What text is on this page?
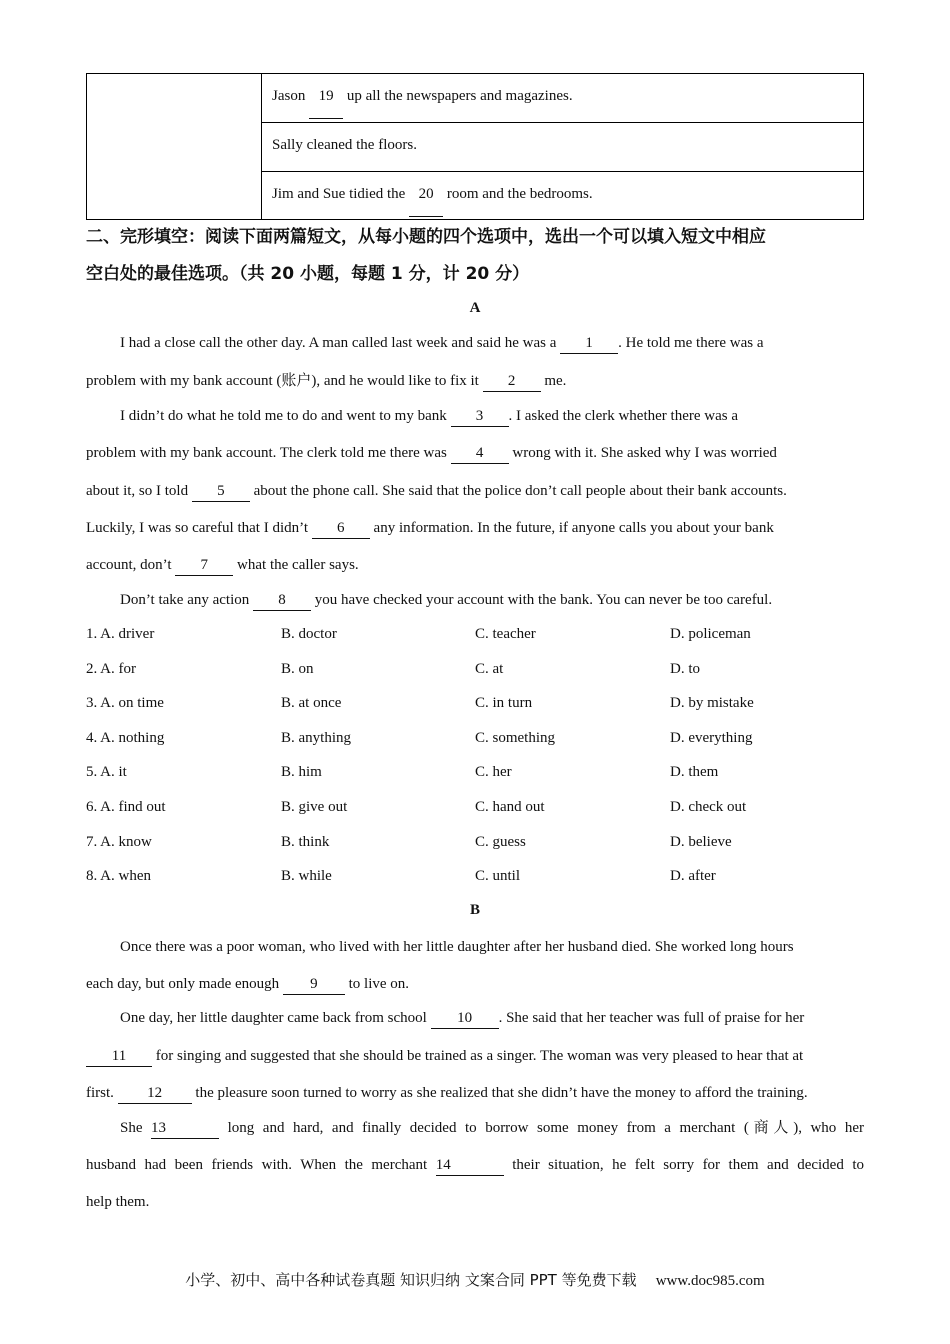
Jason 19 up all the newspapers and magazines.
Sally cleaned the floors.
Jim and Sue tidied the 20 room and the bedrooms.
二、完形填空：阅读下面两篇短文，从每小题的四个选项中，选出一个可以填入短文中相应
空白处的最佳选项。（共 20 小题，每题 1 分，计 20 分）
A
I had a close call the other day. A man called last week and said he was a 1 . He told me there was a
problem with my bank account (账户), and he would like to fix it 2 me.
I didn’t do what he told me to do and went to my bank 3 . I asked the clerk whether there was a
problem with my bank account. The clerk told me there was 4 wrong with it. She asked why I was worried
about it, so I told 5 about the phone call. She said that the police don’t call people about their bank accounts.
Luckily, I was so careful that I didn’t 6 any information. In the future, if anyone calls you about your bank
account, don’t 7 what the caller says.
Don’t take any action 8 you have checked your account with the bank. You can never be too careful.
1. A. driver	B. doctor	C. teacher	D. policeman
2. A. for	B. on	C. at	D. to
3. A. on time	B. at once	C. in turn	D. by mistake
4. A. nothing	B. anything	C. something	D. everything
5. A. it	B. him	C. her	D. them
6. A. find out	B. give out	C. hand out	D. check out
7. A. know	B. think	C. guess	D. believe
8. A. when	B. while	C. until	D. after
B
Once there was a poor woman, who lived with her little daughter after her husband died. She worked long hours
each day, but only made enough 9 to live on.
One day, her little daughter came back from school 10 . She said that her teacher was full of praise for her
11 for singing and suggested that she should be trained as a singer. The woman was very pleased to hear that at
first. 12 the pleasure soon turned to worry as she realized that she didn’t have the money to afford the training.
She 13	long and hard, and finally decided to borrow some money from a merchant (商人), who her
husband had been friends with. When the merchant 14	their situation, he felt sorry for them and decided to
help them.
小学、初中、高中各种试卷真题 知识归纳 文案合同 PPT 等免费下载 www.doc985.com
